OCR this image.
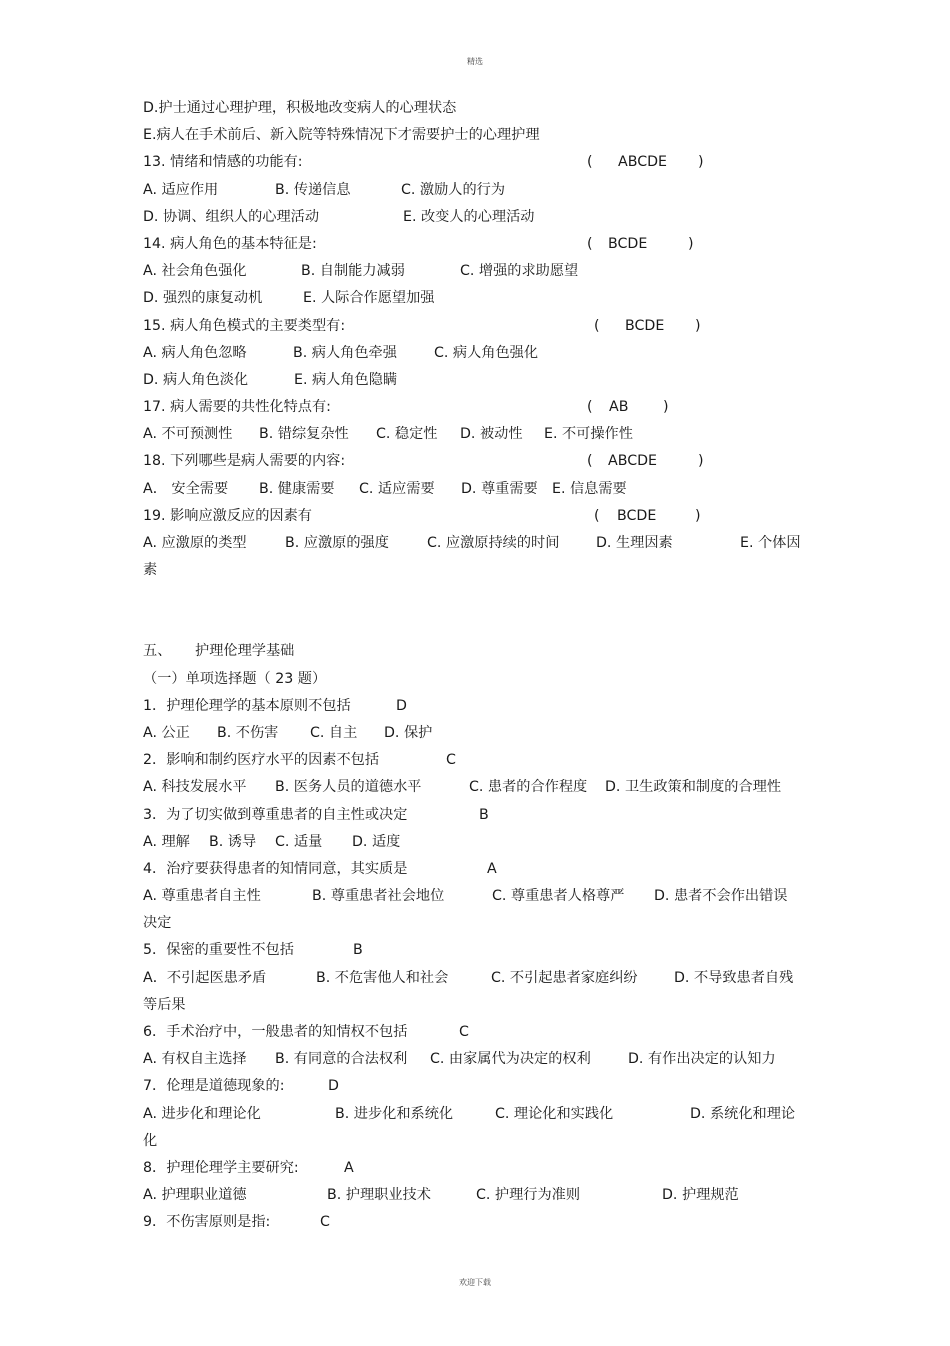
精选
D.护士通过心理护理，积极地改变病人的心理状态
E.病人在手术前后、新入院等特殊情况下才需要护士的心理护理
13. 情绪和情感的功能有:	( ABCDE )
A. 适应作用	B. 传递信息	C. 激励人的行为
D. 协调、组织人的心理活动	E. 改变人的心理活动
14. 病人角色的基本特征是:	( BCDE	)
A. 社会角色强化	B. 自制能力减弱	C. 增强的求助愿望
D. 强烈的康复动机	E. 人际合作愿望加强
15. 病人角色模式的主要类型有:	( BCDE )
A. 病人角色忽略	B. 病人角色牵强	C. 病人角色强化
D. 病人角色淡化	E. 病人角色隐瞒
17. 病人需要的共性化特点有:	( AB )
A. 不可预测性 B. 错综复杂性 C. 稳定性 D. 被动性 E. 不可操作性
18. 下列哪些是病人需要的内容:	( ABCDE	)
A． 安全需要 B. 健康需要 C. 适应需要 D. 尊重需要 E. 信息需要
19. 影响应激反应的因素有	( BCDE	)
A. 应激原的类型	B. 应激原的强度	C. 应激原持续的时间	D. 生理因素	E. 个体因
素
五、 护理伦理学基础
（一）单项选择题（ 23 题）
1．护理伦理学的基本原则不包括	D
A. 公正 B. 不伤害 C. 自主 D. 保护
2．影响和制约医疗水平的因素不包括	C
A. 科技发展水平 B. 医务人员的道德水平	C. 患者的合作程度 D. 卫生政策和制度的合理性
3．为了切实做到尊重患者的自主性或决定	B
A. 理解 B. 诱导 C. 适量 D. 适度
4．治疗要获得患者的知情同意，其实质是	A
A. 尊重患者自主性	B. 尊重患者社会地位	C. 尊重患者人格尊严 D. 患者不会作出错误
决定
5．保密的重要性不包括	B
A．不引起医患矛盾	B. 不危害他人和社会	C. 不引起患者家庭纠纷	D. 不导致患者自残
等后果
6．手术治疗中，一般患者的知情权不包括	C
A. 有权自主选择 B. 有同意的合法权利 C. 由家属代为决定的权利	D. 有作出决定的认知力
7．伦理是道德现象的:	D
A. 进步化和理论化	B. 进步化和系统化	C. 理论化和实践化	D. 系统化和理论
化
8．护理伦理学主要研究:	A
A. 护理职业道德	B. 护理职业技术	C. 护理行为准则	D. 护理规范
9．不伤害原则是指:	C
欢迎下载
